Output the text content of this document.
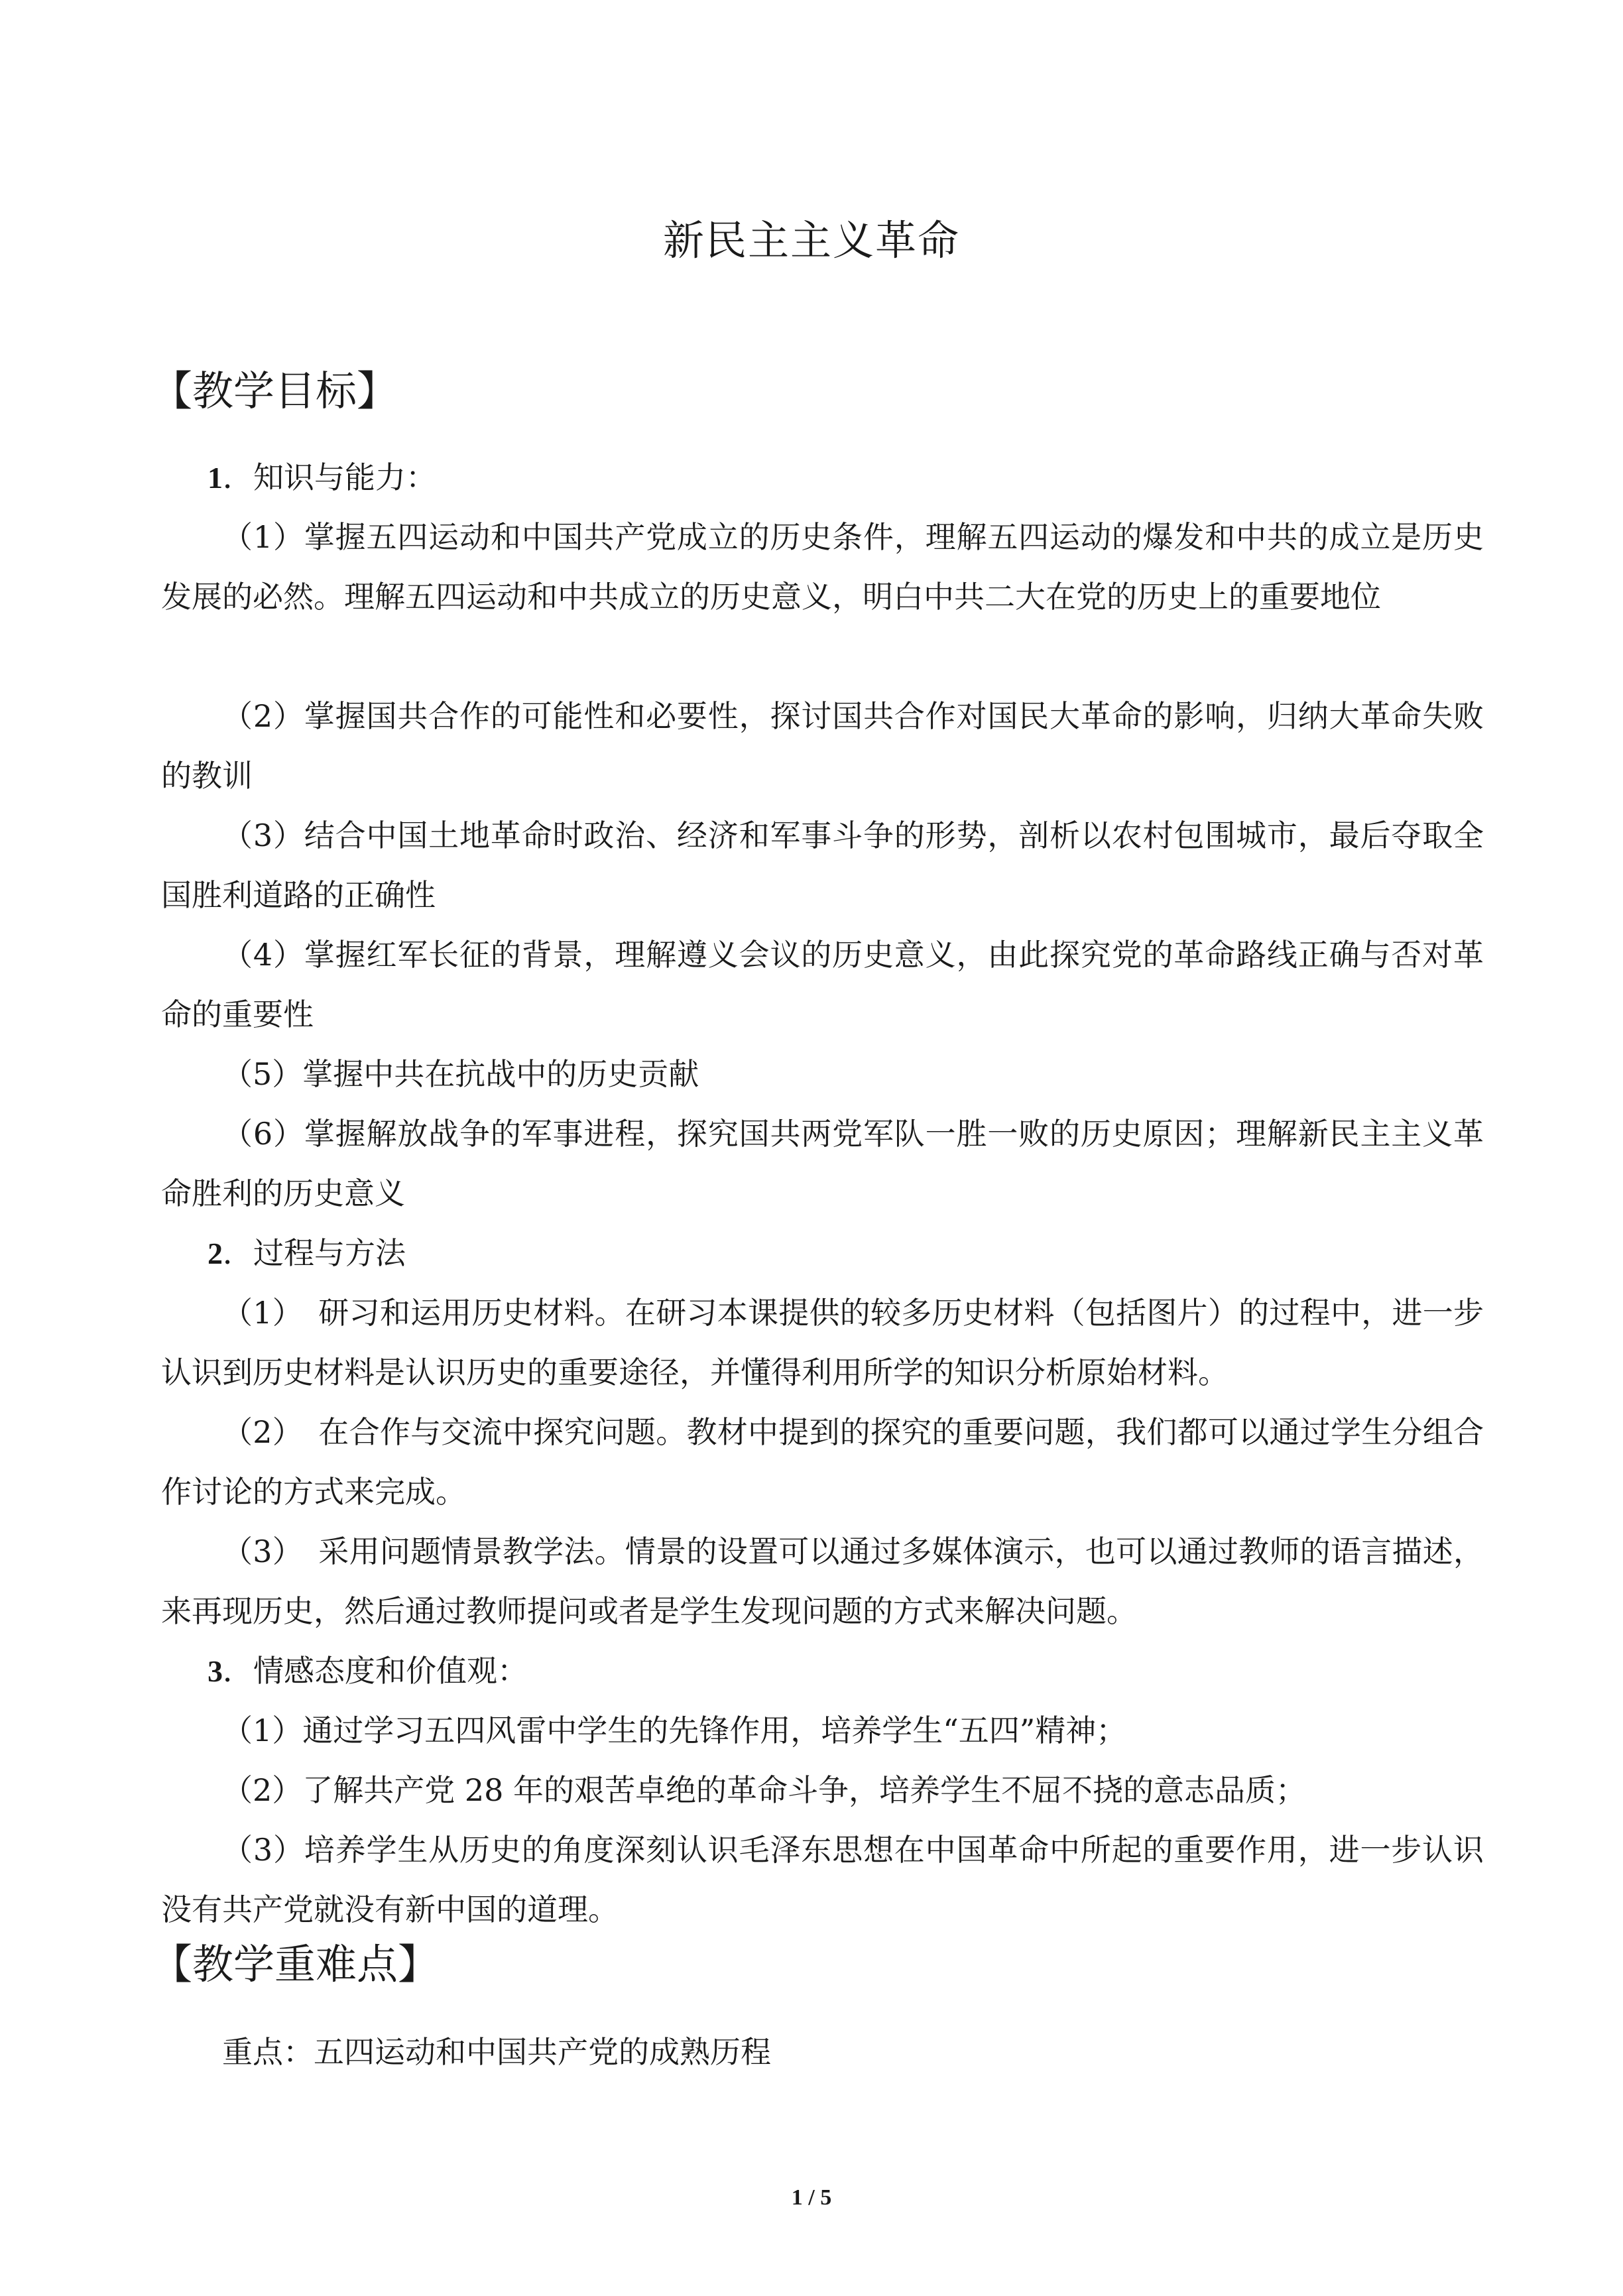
新民主主义革命
【教学目标】

1．知识与能力：

（1）掌握五四运动和中国共产党成立的历史条件，理解五四运动的爆发和中共的成立是历史发展的必然。理解五四运动和中共成立的历史意义，明白中共二大在党的历史上的重要地位

（2）掌握国共合作的可能性和必要性，探讨国共合作对国民大革命的影响，归纳大革命失败的教训

（3）结合中国土地革命时政治、经济和军事斗争的形势，剖析以农村包围城市，最后夺取全国胜利道路的正确性

（4）掌握红军长征的背景，理解遵义会议的历史意义，由此探究党的革命路线正确与否对革命的重要性

（5）掌握中共在抗战中的历史贡献

（6）掌握解放战争的军事进程，探究国共两党军队一胜一败的历史原因；理解新民主主义革命胜利的历史意义

2．过程与方法

（1）　研习和运用历史材料。在研习本课提供的较多历史材料（包括图片）的过程中，进一步认识到历史材料是认识历史的重要途径，并懂得利用所学的知识分析原始材料。

（2）　在合作与交流中探究问题。教材中提到的探究的重要问题，我们都可以通过学生分组合作讨论的方式来完成。

（3）　采用问题情景教学法。情景的设置可以通过多媒体演示，也可以通过教师的语言描述，来再现历史，然后通过教师提问或者是学生发现问题的方式来解决问题。

3．情感态度和价值观：

（1）通过学习五四风雷中学生的先锋作用，培养学生“五四”精神；

（2）了解共产党 28 年的艰苦卓绝的革命斗争，培养学生不屈不挠的意志品质；

（3）培养学生从历史的角度深刻认识毛泽东思想在中国革命中所起的重要作用，进一步认识没有共产党就没有新中国的道理。

【教学重难点】

重点：五四运动和中国共产党的成熟历程

1 / 5
